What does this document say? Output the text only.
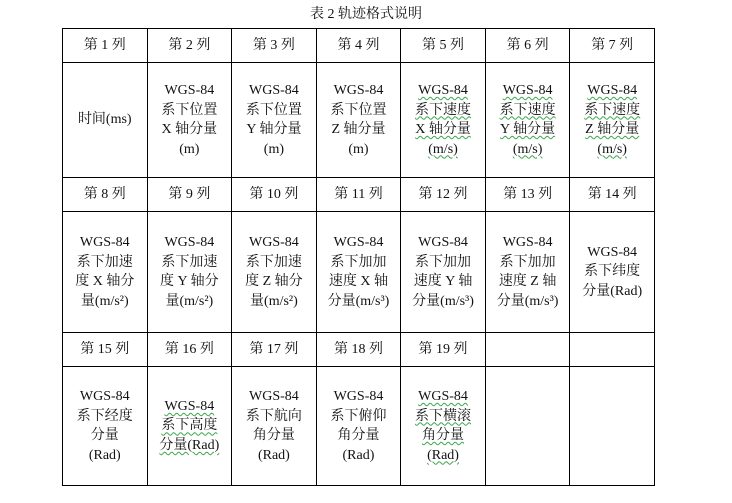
表 2 轨迹格式说明
第 1 列	第 2 列	第 3 列	第 4 列	第 5 列	第 6 列	第 7 列
时间(ms)	WGS-84
系下位置
X 轴分量
(m)	WGS-84
系下位置
Y 轴分量
(m)	WGS-84
系下位置
Z 轴分量
(m)	WGS-84
系下速度
X 轴分量
(m/s)	WGS-84
系下速度
Y 轴分量
(m/s)	WGS-84
系下速度
Z 轴分量
(m/s)
第 8 列	第 9 列	第 10 列	第 11 列	第 12 列	第 13 列	第 14 列
WGS-84
系下加速
度 X 轴分
量(m/s²)	WGS-84
系下加速
度 Y 轴分
量(m/s²)	WGS-84
系下加速
度 Z 轴分
量(m/s²)	WGS-84
系下加加
速度 X 轴
分量(m/s³)	WGS-84
系下加加
速度 Y 轴
分量(m/s³)	WGS-84
系下加加
速度 Z 轴
分量(m/s³)	WGS-84
系下纬度
分量(Rad)
第 15 列	第 16 列	第 17 列	第 18 列	第 19 列		
WGS-84
系下经度
分量
(Rad)	WGS-84
系下高度
分量(Rad)	WGS-84
系下航向
角分量
(Rad)	WGS-84
系下俯仰
角分量
(Rad)	WGS-84
系下横滚
角分量
(Rad)		
